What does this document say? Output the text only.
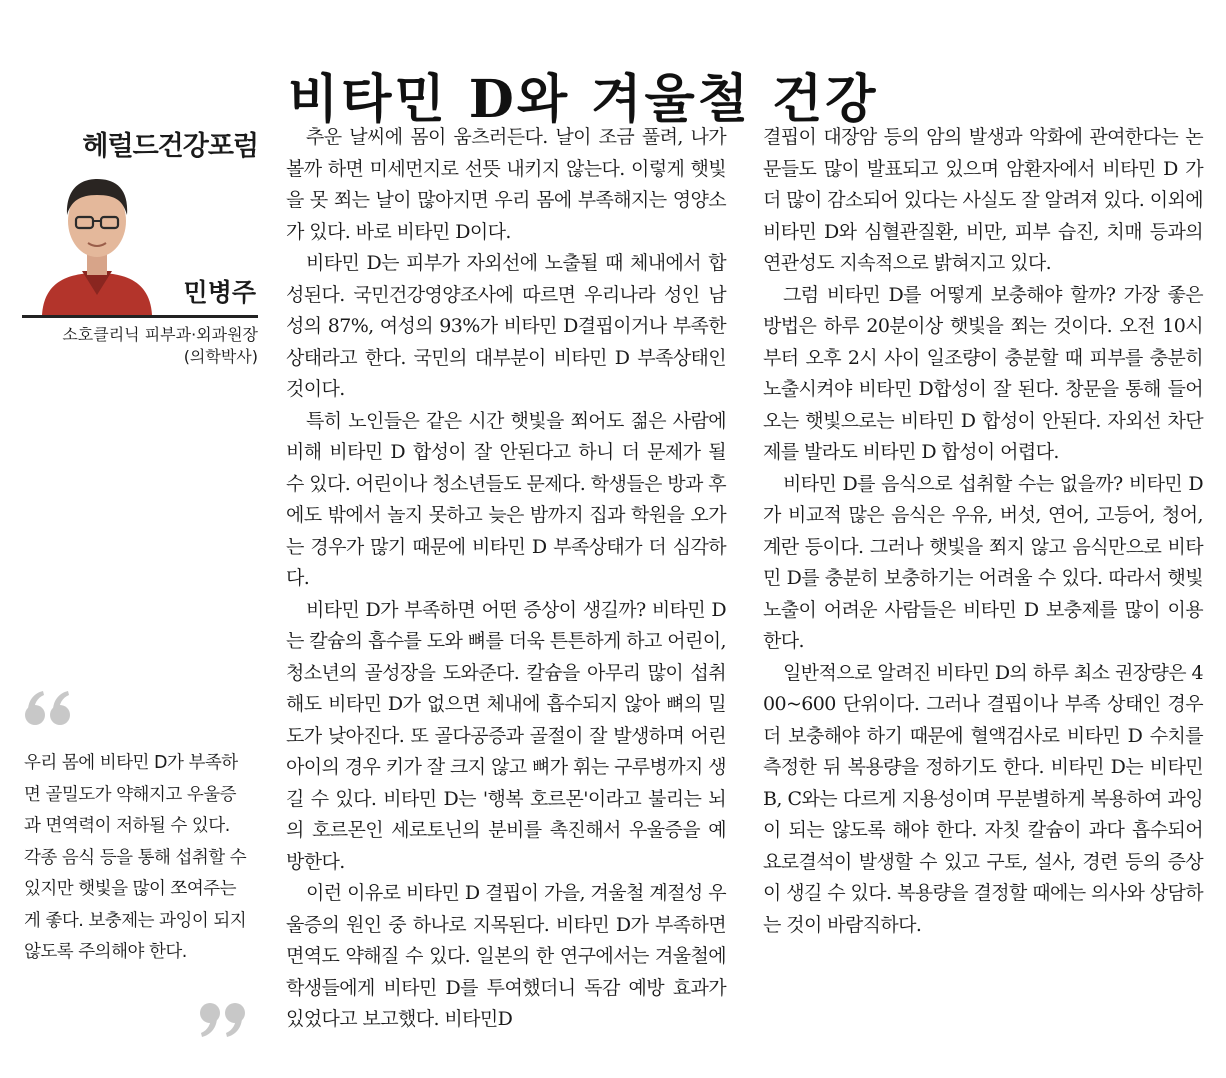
비타민 D와 겨울철 건강
헤럴드건강포럼
민병주
소호클리닉 피부과·외과원장
(의학박사)

우리 몸에 비타민 D가 부족하면 골밀도가 약해지고 우울증과 면역력이 저하될 수 있다. 각종 음식 등을 통해 섭취할 수 있지만 햇빛을 많이 쪼여주는 게 좋다. 보충제는 과잉이 되지 않도록 주의해야 한다.

추운 날씨에 몸이 움츠러든다. 날이 조금 풀려, 나가볼까 하면 미세먼지로 선뜻 내키지 않는다. 이렇게 햇빛을 못 쬐는 날이 많아지면 우리 몸에 부족해지는 영양소가 있다. 바로 비타민 D이다.

비타민 D는 피부가 자외선에 노출될 때 체내에서 합성된다. 국민건강영양조사에 따르면 우리나라 성인 남성의 87%, 여성의 93%가 비타민 D결핍이거나 부족한 상태라고 한다. 국민의 대부분이 비타민 D 부족상태인 것이다.

특히 노인들은 같은 시간 햇빛을 쬐어도 젊은 사람에 비해 비타민 D 합성이 잘 안된다고 하니 더 문제가 될 수 있다. 어린이나 청소년들도 문제다. 학생들은 방과 후에도 밖에서 놀지 못하고 늦은 밤까지 집과 학원을 오가는 경우가 많기 때문에 비타민 D 부족상태가 더 심각하다.

비타민 D가 부족하면 어떤 증상이 생길까? 비타민 D는 칼슘의 흡수를 도와 뼈를 더욱 튼튼하게 하고 어린이, 청소년의 골성장을 도와준다. 칼슘을 아무리 많이 섭취해도 비타민 D가 없으면 체내에 흡수되지 않아 뼈의 밀도가 낮아진다. 또 골다공증과 골절이 잘 발생하며 어린아이의 경우 키가 잘 크지 않고 뼈가 휘는 구루병까지 생길 수 있다. 비타민 D는 '행복 호르몬'이라고 불리는 뇌의 호르몬인 세로토닌의 분비를 촉진해서 우울증을 예방한다.

이런 이유로 비타민 D 결핍이 가을, 겨울철 계절성 우울증의 원인 중 하나로 지목된다. 비타민 D가 부족하면 면역도 약해질 수 있다. 일본의 한 연구에서는 겨울철에 학생들에게 비타민 D를 투여했더니 독감 예방 효과가 있었다고 보고했다. 비타민D

결핍이 대장암 등의 암의 발생과 악화에 관여한다는 논문들도 많이 발표되고 있으며 암환자에서 비타민 D 가 더 많이 감소되어 있다는 사실도 잘 알려져 있다. 이외에 비타민 D와 심혈관질환, 비만, 피부 습진, 치매 등과의 연관성도 지속적으로 밝혀지고 있다.

그럼 비타민 D를 어떻게 보충해야 할까? 가장 좋은 방법은 하루 20분이상 햇빛을 쬐는 것이다. 오전 10시부터 오후 2시 사이 일조량이 충분할 때 피부를 충분히 노출시켜야 비타민 D합성이 잘 된다. 창문을 통해 들어오는 햇빛으로는 비타민 D 합성이 안된다. 자외선 차단제를 발라도 비타민 D 합성이 어렵다.

비타민 D를 음식으로 섭취할 수는 없을까? 비타민 D가 비교적 많은 음식은 우유, 버섯, 연어, 고등어, 청어, 계란 등이다. 그러나 햇빛을 쬐지 않고 음식만으로 비타민 D를 충분히 보충하기는 어려울 수 있다. 따라서 햇빛 노출이 어려운 사람들은 비타민 D 보충제를 많이 이용한다.

일반적으로 알려진 비타민 D의 하루 최소 권장량은 400~600 단위이다. 그러나 결핍이나 부족 상태인 경우 더 보충해야 하기 때문에 혈액검사로 비타민 D 수치를 측정한 뒤 복용량을 정하기도 한다. 비타민 D는 비타민 B, C와는 다르게 지용성이며 무분별하게 복용하여 과잉이 되는 않도록 해야 한다. 자칫 칼슘이 과다 흡수되어 요로결석이 발생할 수 있고 구토, 설사, 경련 등의 증상이 생길 수 있다. 복용량을 결정할 때에는 의사와 상담하는 것이 바람직하다.
